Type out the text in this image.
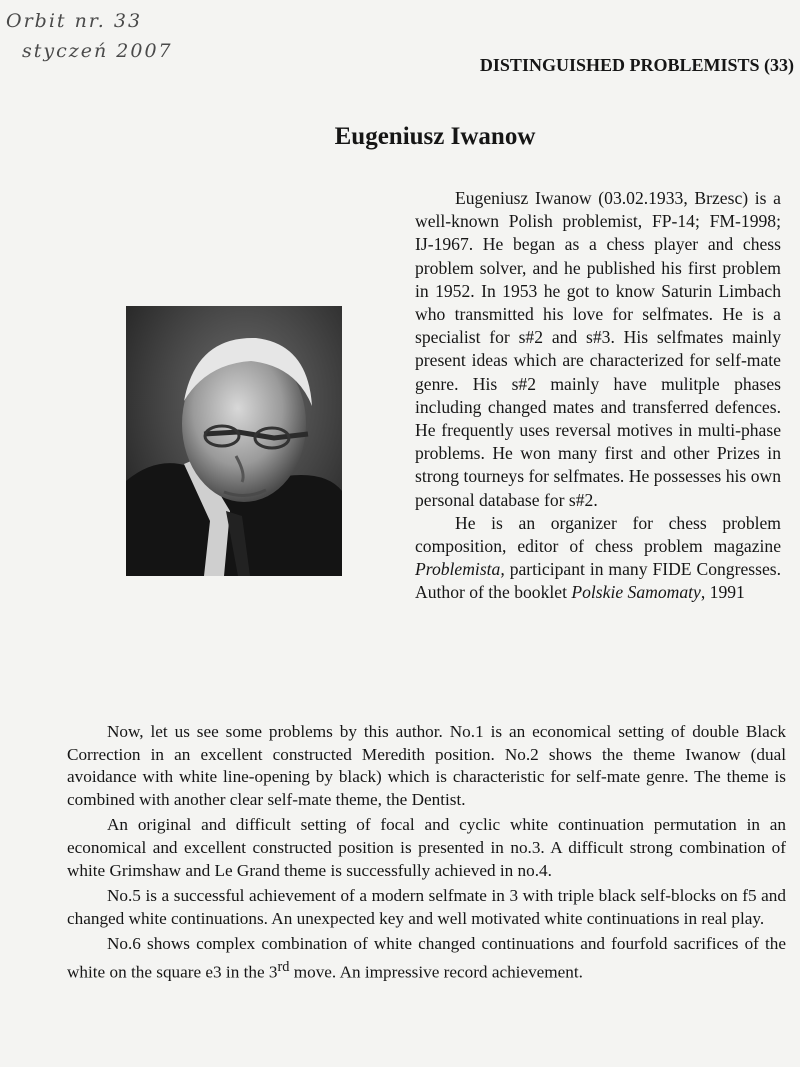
Orbit nr. 33
styczeń 2007
DISTINGUISHED PROBLEMISTS (33)
Eugeniusz Iwanow

Eugeniusz Iwanow (03.02.1933, Brzesc) is a well-known Polish problemist, FP-14; FM-1998; IJ-1967. He began as a chess player and chess problem solver, and he published his first problem in 1952. In 1953 he got to know Saturin Limbach who transmitted his love for selfmates. He is a specialist for s#2 and s#3. His selfmates mainly present ideas which are characterized for self-mate genre. His s#2 mainly have mulitple phases including changed mates and transferred defences. He frequently uses reversal motives in multi-phase problems. He won many first and other Prizes in strong tourneys for selfmates. He possesses his own personal database for s#2.

He is an organizer for chess problem composition, editor of chess problem magazine Problemista, participant in many FIDE Congresses. Author of the booklet Polskie Samomaty, 1991

Now, let us see some problems by this author. No.1 is an economical setting of double Black Correction in an excellent constructed Meredith position. No.2 shows the theme Iwanow (dual avoidance with white line-opening by black) which is characteristic for self-mate genre. The theme is combined with another clear self-mate theme, the Dentist.

An original and difficult setting of focal and cyclic white continuation permutation in an economical and excellent constructed position is presented in no.3. A difficult strong combination of white Grimshaw and Le Grand theme is successfully achieved in no.4.

No.5 is a successful achievement of a modern selfmate in 3 with triple black self-blocks on f5 and changed white continuations. An unexpected key and well motivated white continuations in real play.

No.6 shows complex combination of white changed continuations and fourfold sacrifices of the white on the square e3 in the 3rd move. An impressive record achievement.
